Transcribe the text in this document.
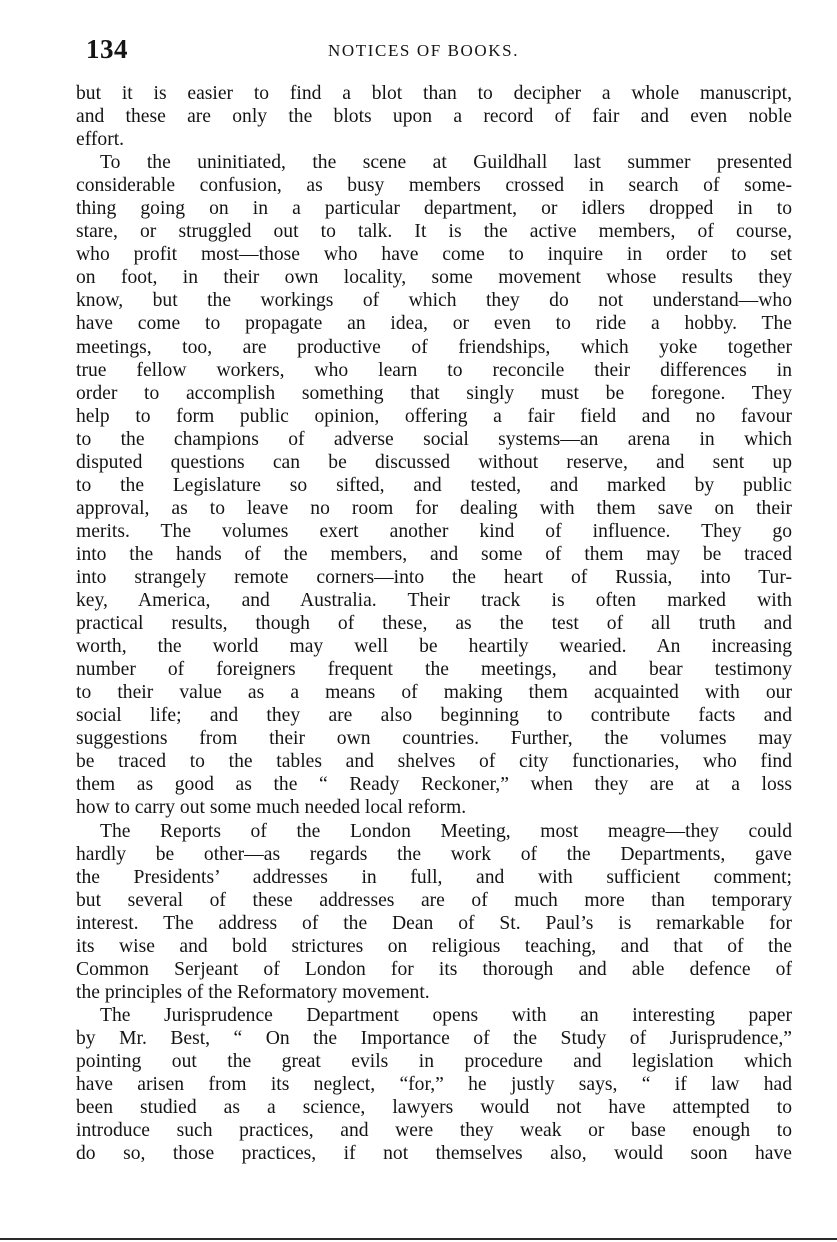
134	NOTICES OF BOOKS.
but it is easier to find a blot than to decipher a whole manuscript,
and these are only the blots upon a record of fair and even noble
effort.
To the uninitiated, the scene at Guildhall last summer presented
considerable confusion, as busy members crossed in search of some-
thing going on in a particular department, or idlers dropped in to
stare, or struggled out to talk. It is the active members, of course,
who profit most—those who have come to inquire in order to set
on foot, in their own locality, some movement whose results they
know, but the workings of which they do not understand—who
have come to propagate an idea, or even to ride a hobby. The
meetings, too, are productive of friendships, which yoke together
true fellow workers, who learn to reconcile their differences in
order to accomplish something that singly must be foregone. They
help to form public opinion, offering a fair field and no favour
to the champions of adverse social systems—an arena in which
disputed questions can be discussed without reserve, and sent up
to the Legislature so sifted, and tested, and marked by public
approval, as to leave no room for dealing with them save on their
merits. The volumes exert another kind of influence. They go
into the hands of the members, and some of them may be traced
into strangely remote corners—into the heart of Russia, into Tur-
key, America, and Australia. Their track is often marked with
practical results, though of these, as the test of all truth and
worth, the world may well be heartily wearied. An increasing
number of foreigners frequent the meetings, and bear testimony
to their value as a means of making them acquainted with our
social life; and they are also beginning to contribute facts and
suggestions from their own countries. Further, the volumes may
be traced to the tables and shelves of city functionaries, who find
them as good as the “ Ready Reckoner,” when they are at a loss
how to carry out some much needed local reform.
The Reports of the London Meeting, most meagre—they could
hardly be other—as regards the work of the Departments, gave
the Presidents’ addresses in full, and with sufficient comment;
but several of these addresses are of much more than temporary
interest. The address of the Dean of St. Paul’s is remarkable for
its wise and bold strictures on religious teaching, and that of the
Common Serjeant of London for its thorough and able defence of
the principles of the Reformatory movement.
The Jurisprudence Department opens with an interesting paper
by Mr. Best, “ On the Importance of the Study of Jurisprudence,”
pointing out the great evils in procedure and legislation which
have arisen from its neglect, “for,” he justly says, “ if law had
been studied as a science, lawyers would not have attempted to
introduce such practices, and were they weak or base enough to
do so, those practices, if not themselves also, would soon have
